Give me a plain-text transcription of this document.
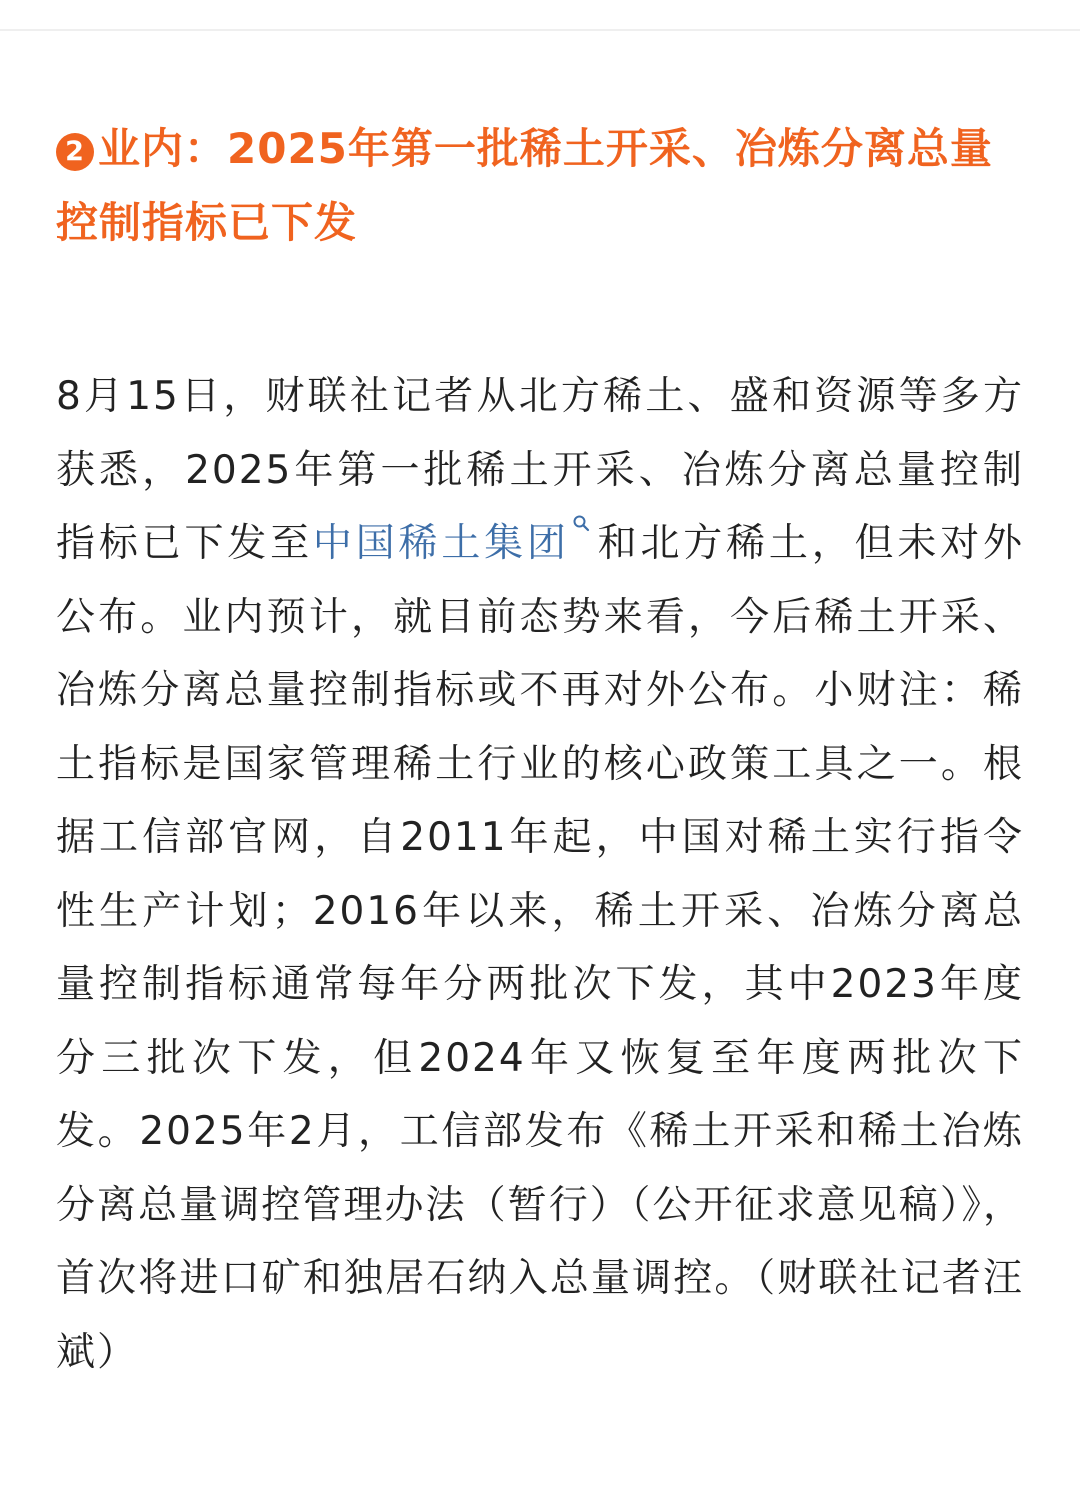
2 业内：2025年第一批稀土开采、冶炼分离总量控制指标已下发

8月15日，财联社记者从北方稀土、盛和资源等多方获悉，2025年第一批稀土开采、冶炼分离总量控制指标已下发至中国稀土集团 和北方稀土，但未对外公布。业内预计，就目前态势来看，今后稀土开采、冶炼分离总量控制指标或不再对外公布。小财注：稀土指标是国家管理稀土行业的核心政策工具之一。根据工信部官网，自2011年起，中国对稀土实行指令性生产计划；2016年以来，稀土开采、冶炼分离总量控制指标通常每年分两批次下发，其中2023年度分三批次下发，但2024年又恢复至年度两批次下发。2025年2月，工信部发布《稀土开采和稀土冶炼分离总量调控管理办法（暂行）（公开征求意见稿）》，首次将进口矿和独居石纳入总量调控。（财联社记者汪斌）
